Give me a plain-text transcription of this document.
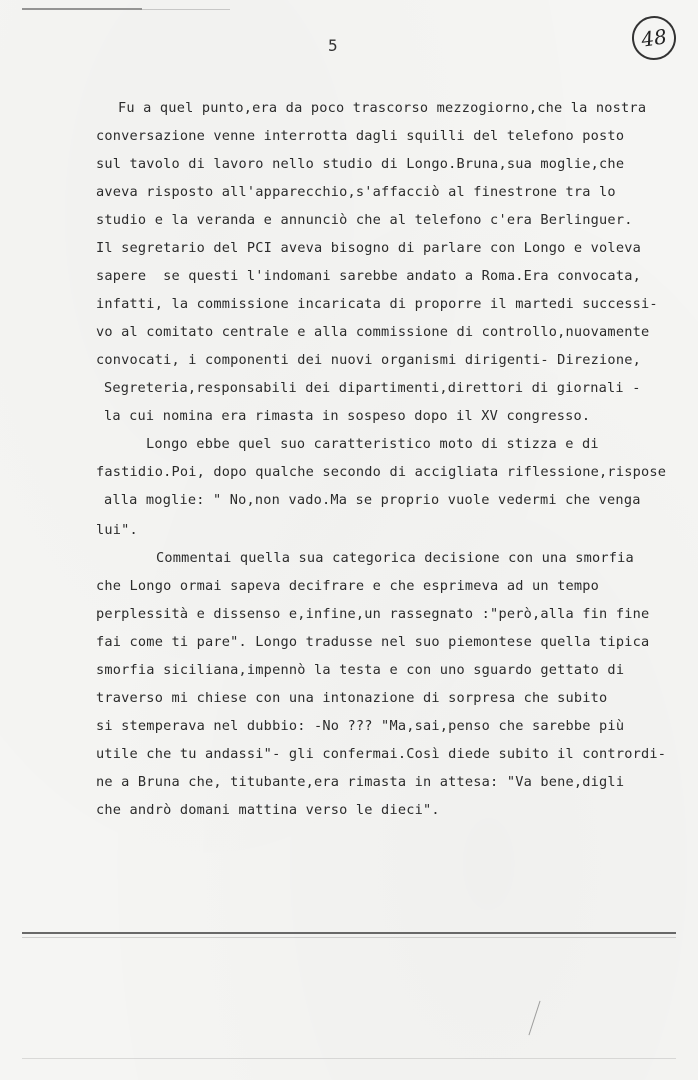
5	48
Fu a quel punto,era da poco trascorso mezzogiorno,che la nostra
conversazione venne interrotta dagli squilli del telefono posto
sul tavolo di lavoro nello studio di Longo.Bruna,sua moglie,che
aveva risposto all'apparecchio,s'affacciò al finestrone tra lo
studio e la veranda e annunciò che al telefono c'era Berlinguer.
Il segretario del PCI aveva bisogno di parlare con Longo e voleva
sapere  se questi l'indomani sarebbe andato a Roma.Era convocata,
infatti, la commissione incaricata di proporre il martedi successi-
vo al comitato centrale e alla commissione di controllo,nuovamente
convocati, i componenti dei nuovi organismi dirigenti- Direzione,
Segreteria,responsabili dei dipartimenti,direttori di giornali -
la cui nomina era rimasta in sospeso dopo il XV congresso.
Longo ebbe quel suo caratteristico moto di stizza e di
fastidio.Poi, dopo qualche secondo di accigliata riflessione,rispose
alla moglie: " No,non vado.Ma se proprio vuole vedermi che venga
lui".
Commentai quella sua categorica decisione con una smorfia
che Longo ormai sapeva decifrare e che esprimeva ad un tempo
perplessità e dissenso e,infine,un rassegnato :"però,alla fin fine
fai come ti pare". Longo tradusse nel suo piemontese quella tipica
smorfia siciliana,impennò la testa e con uno sguardo gettato di
traverso mi chiese con una intonazione di sorpresa che subito
si stemperava nel dubbio: -No ??? "Ma,sai,penso che sarebbe più
utile che tu andassi"- gli confermai.Così diede subito il contrordi-
ne a Bruna che, titubante,era rimasta in attesa: "Va bene,digli
che andrò domani mattina verso le dieci".
